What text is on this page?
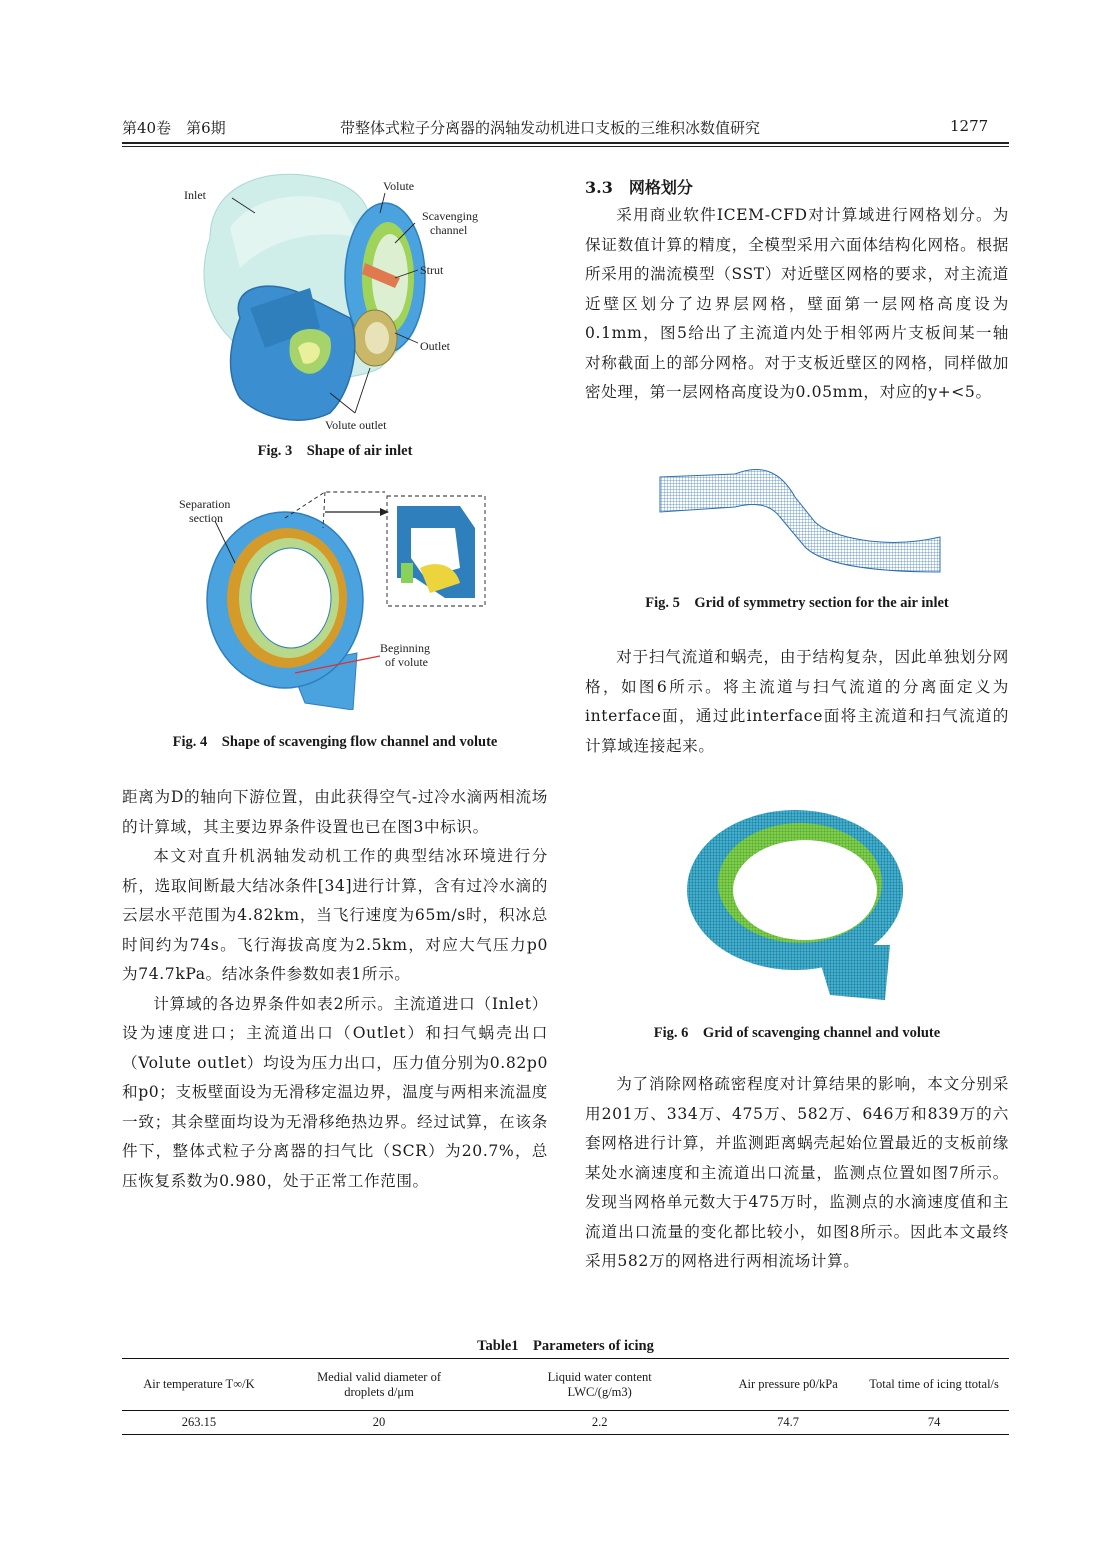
第40卷　第6期	带整体式粒子分离器的涡轴发动机进口支板的三维积冰数值研究	1277
Inlet
Volute
Scavenging
channel
Strut
Outlet
Volute outlet
Fig. 3　Shape of air inlet
Separation
section
Beginning
of volute
Fig. 4　Shape of scavenging flow channel and volute

距离为D的轴向下游位置，由此获得空气-过冷水滴两相流场的计算域，其主要边界条件设置也已在图3中标识。

本文对直升机涡轴发动机工作的典型结冰环境进行分析，选取间断最大结冰条件[34]进行计算，含有过冷水滴的云层水平范围为4.82km，当飞行速度为65m/s时，积冰总时间约为74s。飞行海拔高度为2.5km，对应大气压力p0为74.7kPa。结冰条件参数如表1所示。

计算域的各边界条件如表2所示。主流道进口（Inlet）设为速度进口；主流道出口（Outlet）和扫气蜗壳出口（Volute outlet）均设为压力出口，压力值分别为0.82p0和p0；支板壁面设为无滑移定温边界，温度与两相来流温度一致；其余壁面均设为无滑移绝热边界。经过试算，在该条件下，整体式粒子分离器的扫气比（SCR）为20.7%，总压恢复系数为0.980，处于正常工作范围。

3.3　网格划分

采用商业软件ICEM-CFD对计算域进行网格划分。为保证数值计算的精度，全模型采用六面体结构化网格。根据所采用的湍流模型（SST）对近壁区网格的要求，对主流道近壁区划分了边界层网格，壁面第一层网格高度设为0.1mm，图5给出了主流道内处于相邻两片支板间某一轴对称截面上的部分网格。对于支板近壁区的网格，同样做加密处理，第一层网格高度设为0.05mm，对应的y+<5。

Fig. 5　Grid of symmetry section for the air inlet

对于扫气流道和蜗壳，由于结构复杂，因此单独划分网格，如图6所示。将主流道与扫气流道的分离面定义为interface面，通过此interface面将主流道和扫气流道的计算域连接起来。

Fig. 6　Grid of scavenging channel and volute

为了消除网格疏密程度对计算结果的影响，本文分别采用201万、334万、475万、582万、646万和839万的六套网格进行计算，并监测距离蜗壳起始位置最近的支板前缘某处水滴速度和主流道出口流量，监测点位置如图7所示。发现当网格单元数大于475万时，监测点的水滴速度值和主流道出口流量的变化都比较小，如图8所示。因此本文最终采用582万的网格进行两相流场计算。

Table1　Parameters of icing
Air temperature T∞/K	Medial valid diameter of droplets d/μm	Liquid water content LWC/(g/m3)	Air pressure p0/kPa	Total time of icing ttotal/s
263.15	20	2.2	74.7	74
